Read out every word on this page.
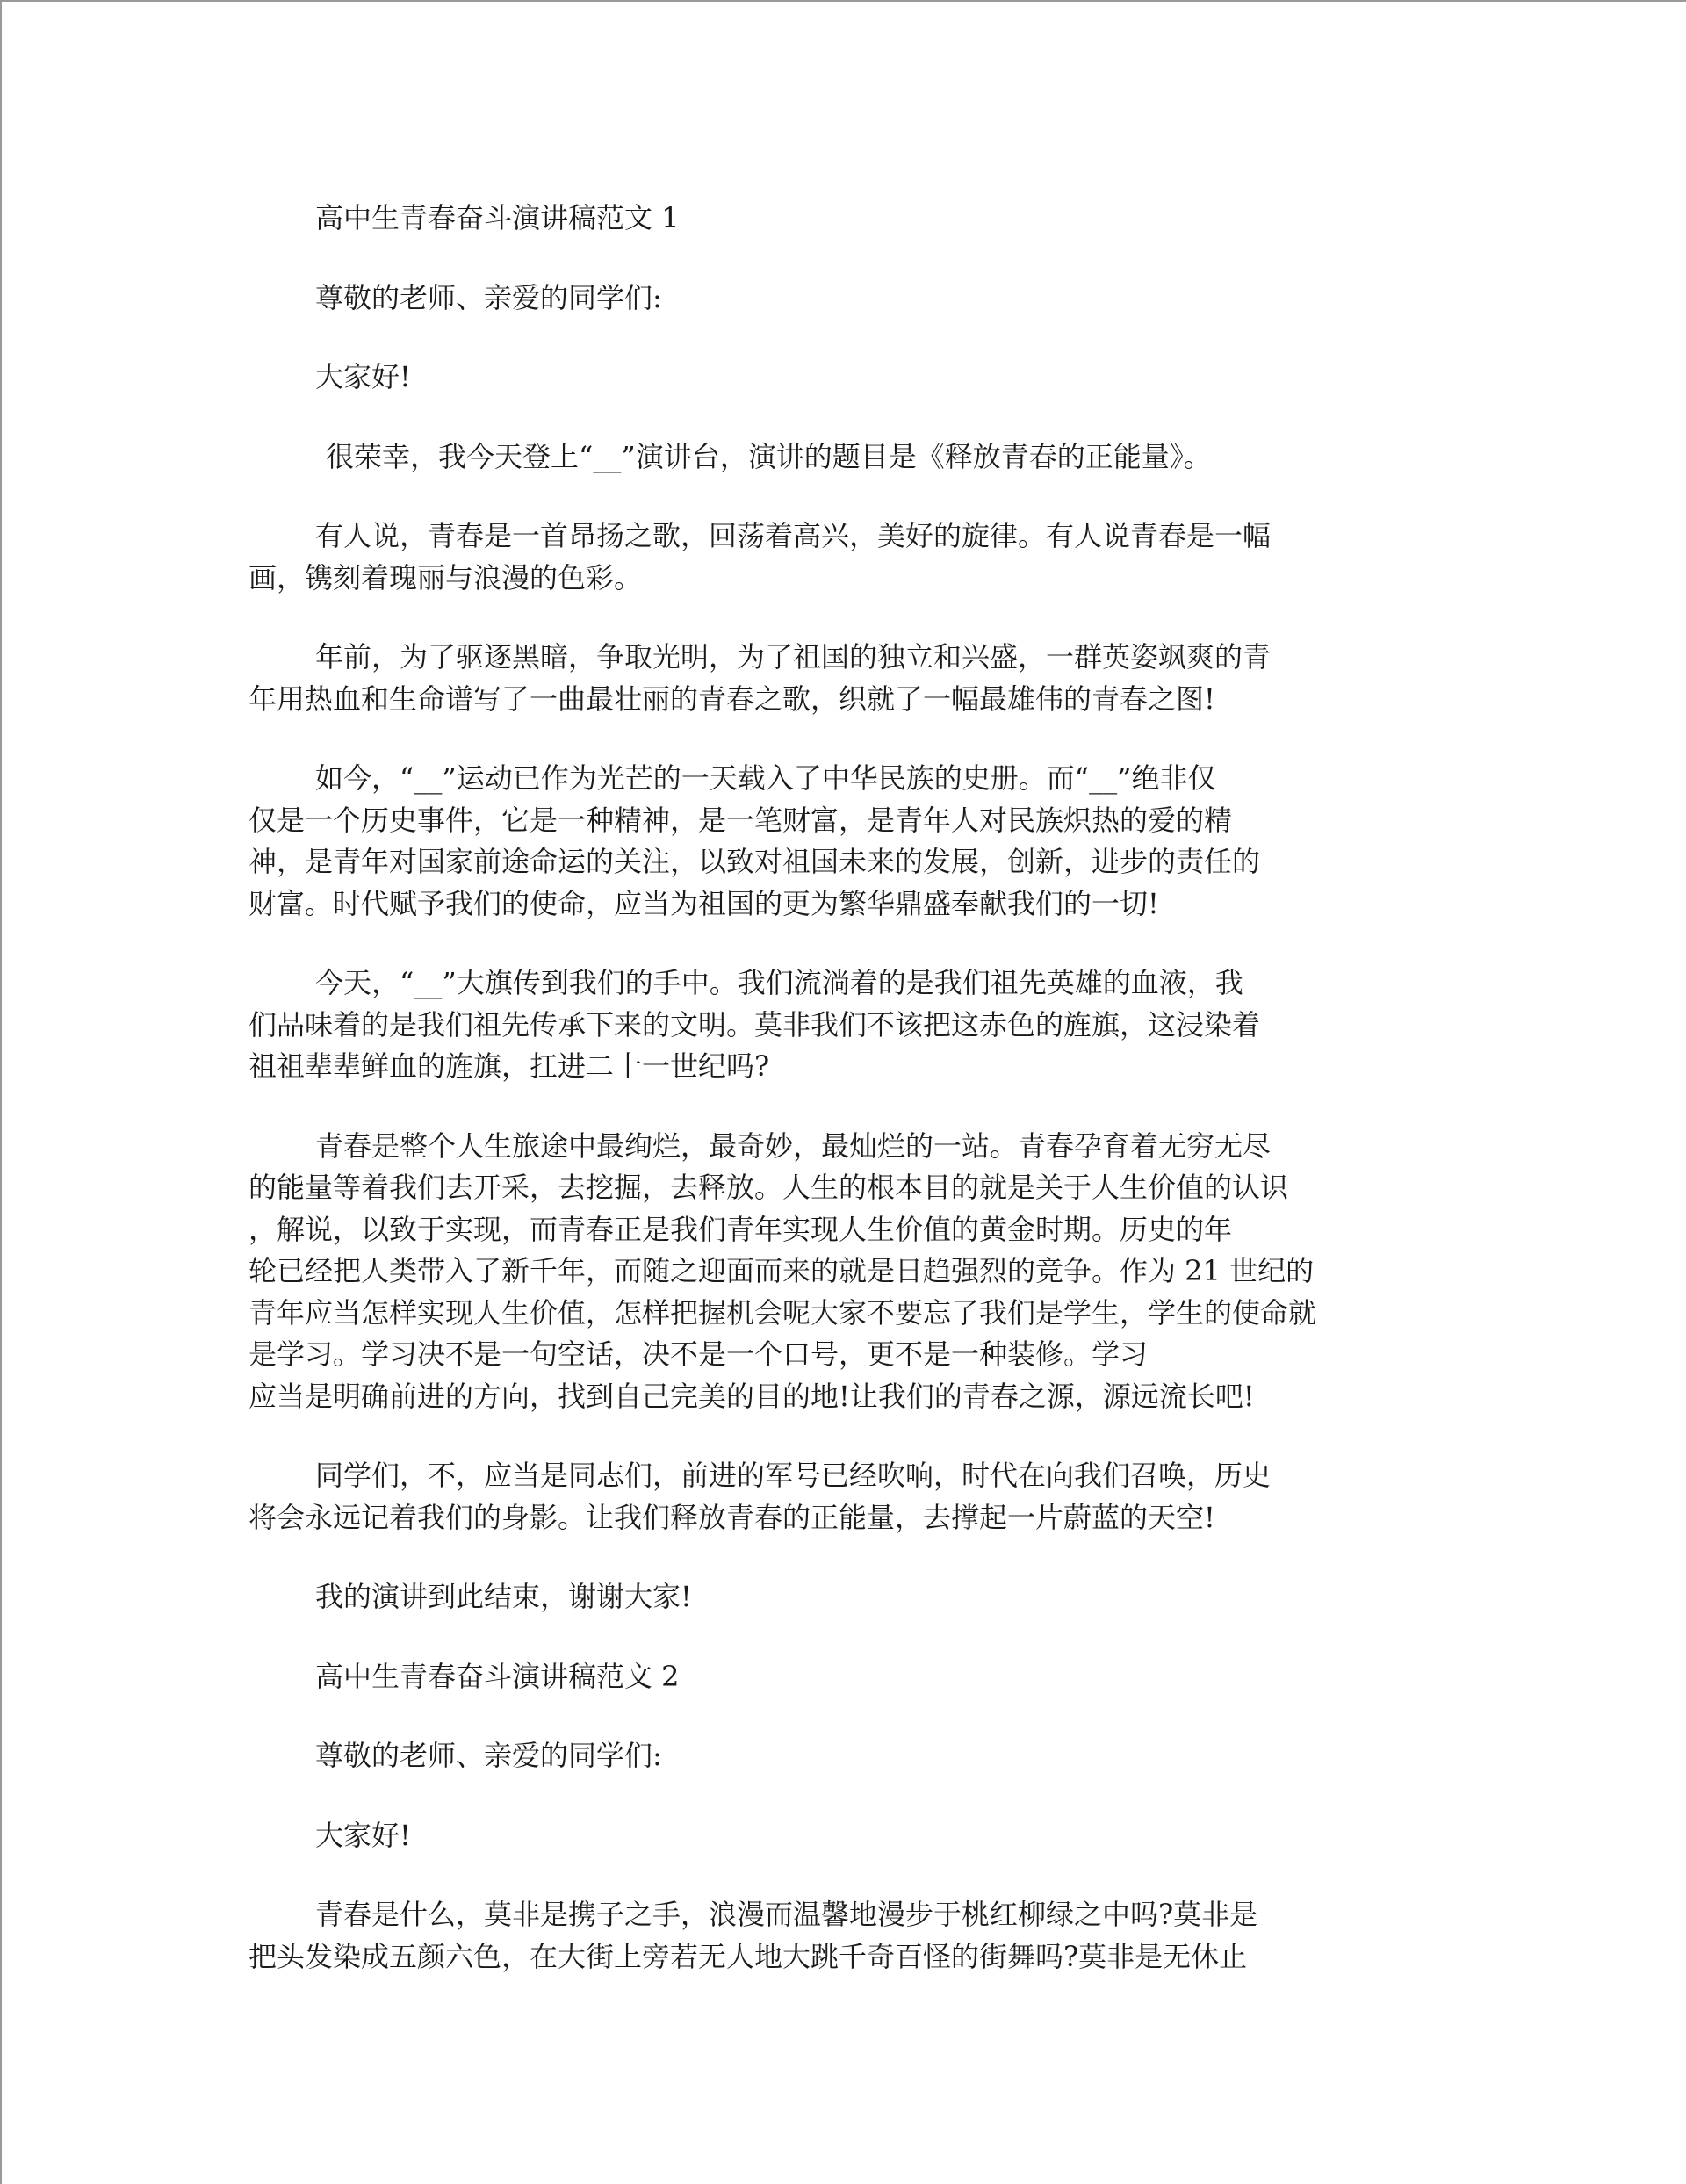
高中生青春奋斗演讲稿范文 1
尊敬的老师、亲爱的同学们:
大家好!
很荣幸，我今天登上“__”演讲台，演讲的题目是《释放青春的正能量》。
有人说，青春是一首昂扬之歌，回荡着高兴，美好的旋律。有人说青春是一幅
画，镌刻着瑰丽与浪漫的色彩。
年前，为了驱逐黑暗，争取光明，为了祖国的独立和兴盛，一群英姿飒爽的青
年用热血和生命谱写了一曲最壮丽的青春之歌，织就了一幅最雄伟的青春之图!
如今，“__”运动已作为光芒的一天载入了中华民族的史册。而“__”绝非仅
仅是一个历史事件，它是一种精神，是一笔财富，是青年人对民族炽热的爱的精
神，是青年对国家前途命运的关注，以致对祖国未来的发展，创新，进步的责任的
财富。时代赋予我们的使命，应当为祖国的更为繁华鼎盛奉献我们的一切!
今天，“__”大旗传到我们的手中。我们流淌着的是我们祖先英雄的血液，我
们品味着的是我们祖先传承下来的文明。莫非我们不该把这赤色的旌旗，这浸染着
祖祖辈辈鲜血的旌旗，扛进二十一世纪吗?
青春是整个人生旅途中最绚烂，最奇妙，最灿烂的一站。青春孕育着无穷无尽
的能量等着我们去开采，去挖掘，去释放。人生的根本目的就是关于人生价值的认识
，解说，以致于实现，而青春正是我们青年实现人生价值的黄金时期。历史的年
轮已经把人类带入了新千年，而随之迎面而来的就是日趋强烈的竞争。作为 21 世纪的
青年应当怎样实现人生价值，怎样把握机会呢大家不要忘了我们是学生，学生的使命就
是学习。学习决不是一句空话，决不是一个口号，更不是一种装修。学习
应当是明确前进的方向，找到自己完美的目的地!让我们的青春之源，源远流长吧!
同学们，不，应当是同志们，前进的军号已经吹响，时代在向我们召唤，历史
将会永远记着我们的身影。让我们释放青春的正能量，去撑起一片蔚蓝的天空!
我的演讲到此结束，谢谢大家!
高中生青春奋斗演讲稿范文 2
尊敬的老师、亲爱的同学们:
大家好!
青春是什么，莫非是携子之手，浪漫而温馨地漫步于桃红柳绿之中吗?莫非是
把头发染成五颜六色，在大街上旁若无人地大跳千奇百怪的街舞吗?莫非是无休止
